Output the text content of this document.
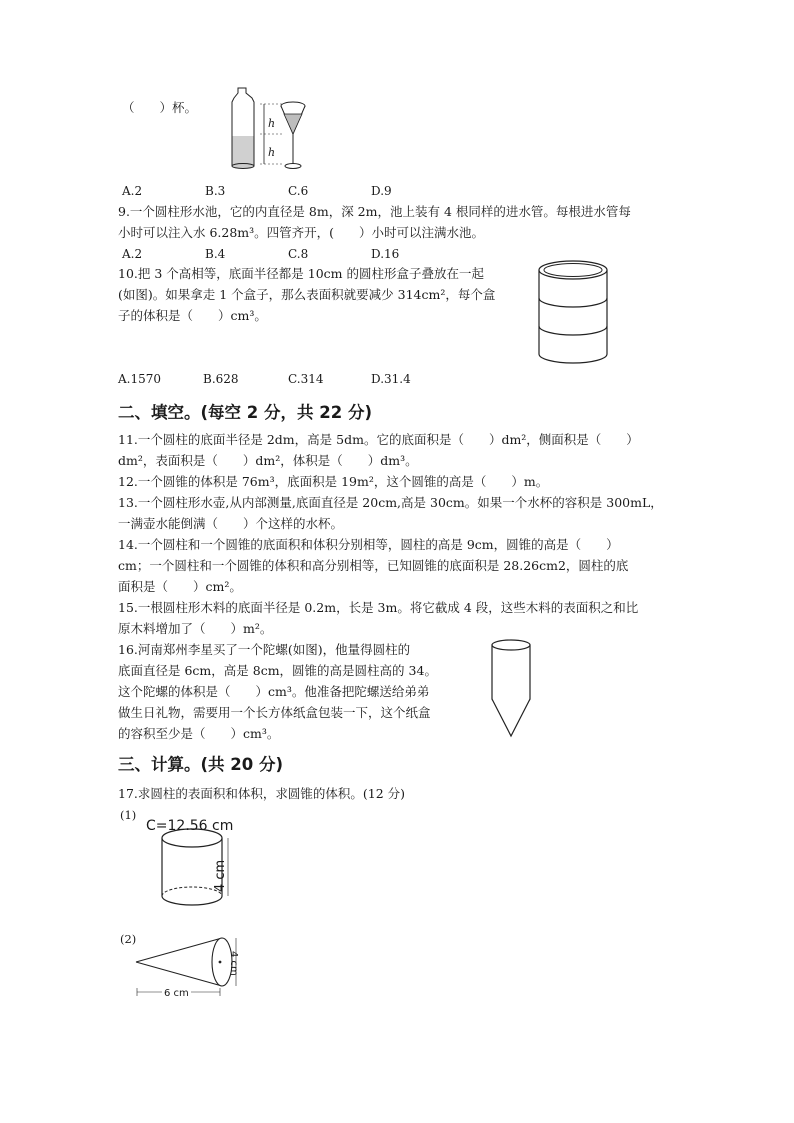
（　　）杯。
h
h
A.2	B.3	C.6	D.9
9.一个圆柱形水池，它的内直径是 8m，深 2m，池上装有 4 根同样的进水管。每根进水管每
小时可以注入水 6.28m³。四管齐开，(　　）小时可以注满水池。
A.2	B.4	C.8	D.16
10.把 3 个高相等，底面半径都是 10cm 的圆柱形盒子叠放在一起
(如图)。如果拿走 1 个盒子，那么表面积就要减少 314cm²，每个盒
子的体积是（　　）cm³。
A.1570	B.628	C.314	D.31.4
二、填空。(每空 2 分，共 22 分)
11.一个圆柱的底面半径是 2dm，高是 5dm。它的底面积是（　　）dm²，侧面积是（　　）
dm²，表面积是（　　）dm²，体积是（　　）dm³。
12.一个圆锥的体积是 76m³，底面积是 19m²，这个圆锥的高是（　　）m。
13.一个圆柱形水壶,从内部测量,底面直径是 20cm,高是 30cm。如果一个水杯的容积是 300mL，
一满壶水能倒满（　　）个这样的水杯。
14.一个圆柱和一个圆锥的底面积和体积分别相等，圆柱的高是 9cm，圆锥的高是（　　）
cm；一个圆柱和一个圆锥的体积和高分别相等，已知圆锥的底面积是 28.26cm2，圆柱的底
面积是（　　）cm²。
15.一根圆柱形木料的底面半径是 0.2m，长是 3m。将它截成 4 段，这些木料的表面积之和比
原木料增加了（　　）m²。
16.河南郑州李星买了一个陀螺(如图)，他量得圆柱的
底面直径是 6cm，高是 8cm，圆锥的高是圆柱高的 34。
这个陀螺的体积是（　　）cm³。他准备把陀螺送给弟弟
做生日礼物，需要用一个长方体纸盒包装一下，这个纸盒
的容积至少是（　　）cm³。
三、计算。(共 20 分)
17.求圆柱的表面积和体积，求圆锥的体积。(12 分)
(1)
C=12.56 cm
4 cm
(2)
6 cm
4 cm
